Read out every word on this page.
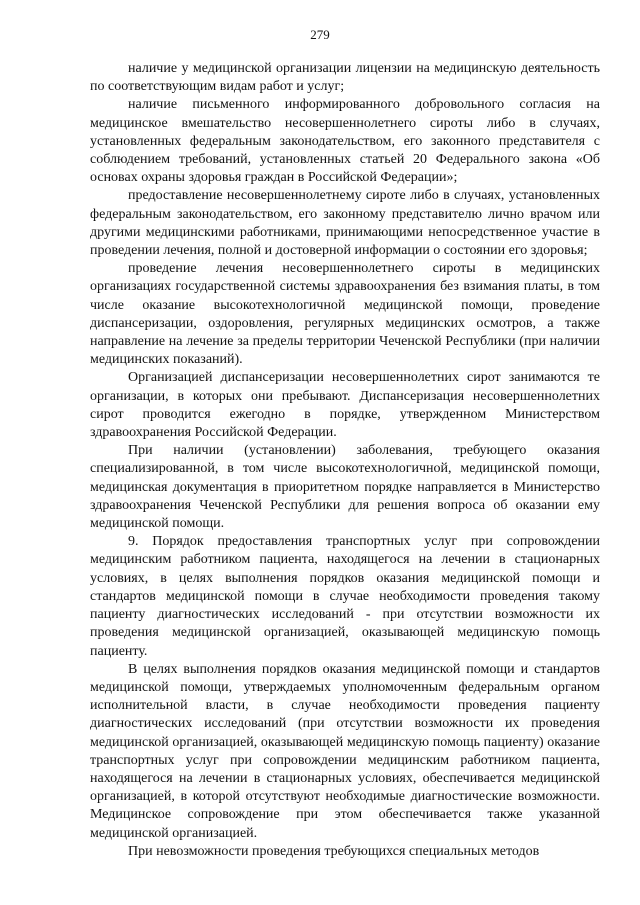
279

наличие у медицинской организации лицензии на медицинскую деятельность по соответствующим видам работ и услуг;

наличие письменного информированного добровольного согласия на медицинское вмешательство несовершеннолетнего сироты либо в случаях, установленных федеральным законодательством, его законного представителя с соблюдением требований, установленных статьей 20 Федерального закона «Об основах охраны здоровья граждан в Российской Федерации»;

предоставление несовершеннолетнему сироте либо в случаях, установленных федеральным законодательством, его законному представителю лично врачом или другими медицинскими работниками, принимающими непосредственное участие в проведении лечения, полной и достоверной информации о состоянии его здоровья;

проведение лечения несовершеннолетнего сироты в медицинских организациях государственной системы здравоохранения без взимания платы, в том числе оказание высокотехнологичной медицинской помощи, проведение диспансеризации, оздоровления, регулярных медицинских осмотров, а также направление на лечение за пределы территории Чеченской Республики (при наличии медицинских показаний).

Организацией диспансеризации несовершеннолетних сирот занимаются те организации, в которых они пребывают. Диспансеризация несовершеннолетних сирот проводится ежегодно в порядке, утвержденном Министерством здравоохранения Российской Федерации.

При наличии (установлении) заболевания, требующего оказания специализированной, в том числе высокотехнологичной, медицинской помощи, медицинская документация в приоритетном порядке направляется в Министерство здравоохранения Чеченской Республики для решения вопроса об оказании ему медицинской помощи.

9. Порядок предоставления транспортных услуг при сопровождении медицинским работником пациента, находящегося на лечении в стационарных условиях, в целях выполнения порядков оказания медицинской помощи и стандартов медицинской помощи в случае необходимости проведения такому пациенту диагностических исследований - при отсутствии возможности их проведения медицинской организацией, оказывающей медицинскую помощь пациенту.

В целях выполнения порядков оказания медицинской помощи и стандартов медицинской помощи, утверждаемых уполномоченным федеральным органом исполнительной власти, в случае необходимости проведения пациенту диагностических исследований (при отсутствии возможности их проведения медицинской организацией, оказывающей медицинскую помощь пациенту) оказание транспортных услуг при сопровождении медицинским работником пациента, находящегося на лечении в стационарных условиях, обеспечивается медицинской организацией, в которой отсутствуют необходимые диагностические возможности. Медицинское сопровождение при этом обеспечивается также указанной медицинской организацией.

При невозможности проведения требующихся специальных методов
